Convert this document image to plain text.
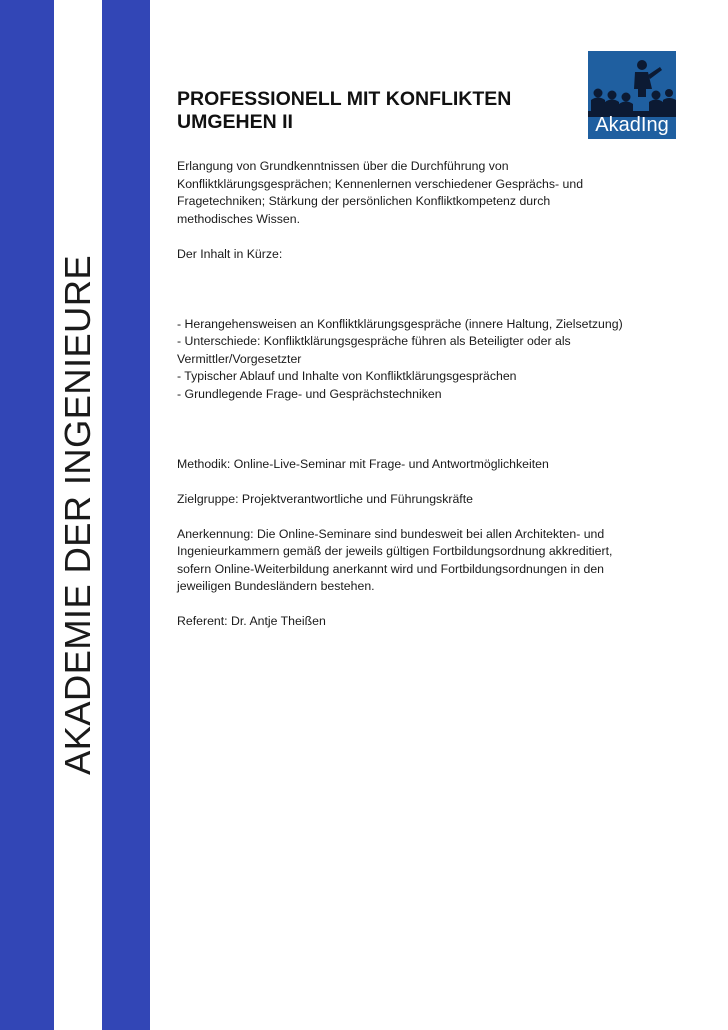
AKADEMIE DER INGENIEURE
AkadIng
PROFESSIONELL MIT KONFLIKTEN
UMGEHEN II

Erlangung von Grundkenntnissen über die Durchführung von

Konfliktklärungsgesprächen; Kennenlernen verschiedener Gesprächs- und

Fragetechniken; Stärkung der persönlichen Konfliktkompetenz durch

methodisches Wissen.

Der Inhalt in Kürze:

- Herangehensweisen an Konfliktklärungsgespräche (innere Haltung, Zielsetzung)

- Unterschiede: Konfliktklärungsgespräche führen als Beteiligter oder als

Vermittler/Vorgesetzter

- Typischer Ablauf und Inhalte von Konfliktklärungsgesprächen

- Grundlegende Frage- und Gesprächstechniken

Methodik: Online-Live-Seminar mit Frage- und Antwortmöglichkeiten

Zielgruppe: Projektverantwortliche und Führungskräfte

Anerkennung: Die Online-Seminare sind bundesweit bei allen Architekten- und

Ingenieurkammern gemäß der jeweils gültigen Fortbildungsordnung akkreditiert,

sofern Online-Weiterbildung anerkannt wird und Fortbildungsordnungen in den

jeweiligen Bundesländern bestehen.

Referent: Dr. Antje Theißen
